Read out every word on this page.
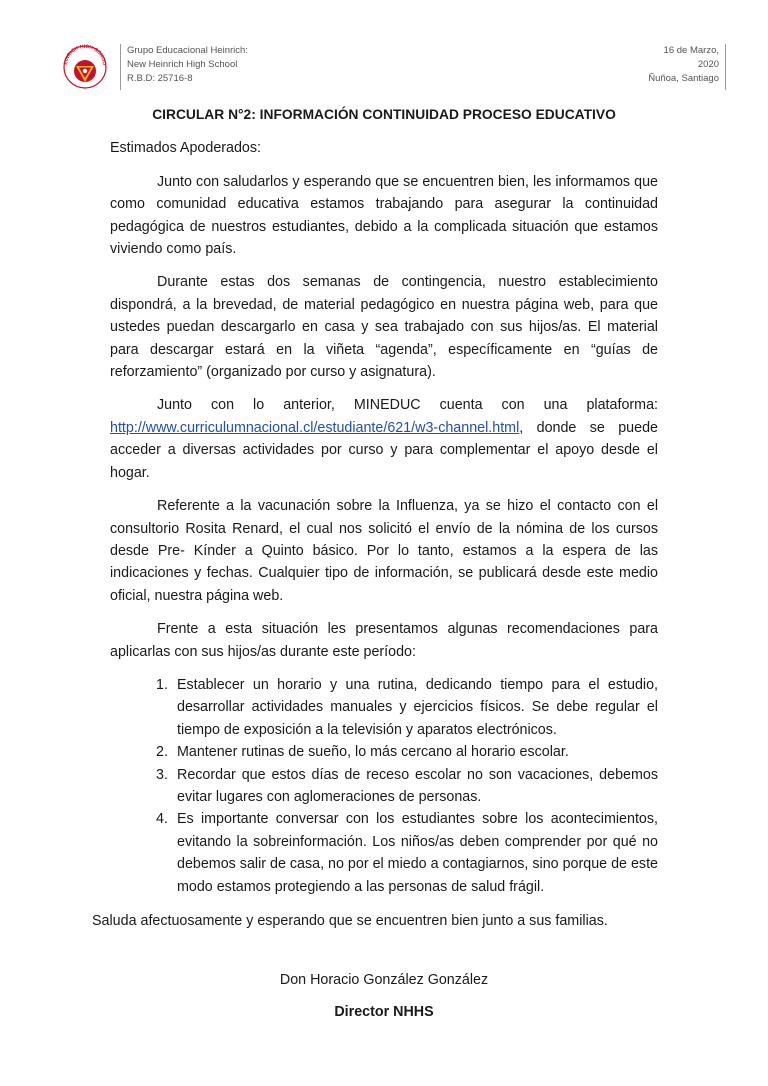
EINRICH HIGH SCHOO
Grupo Educacional Heinrich:
New Heinrich High School
R.B.D: 25716-8
16 de Marzo,
2020
Ñuñoa, Santiago
CIRCULAR N°2: INFORMACIÓN CONTINUIDAD PROCESO EDUCATIVO
Estimados Apoderados:

Junto con saludarlos y esperando que se encuentren bien, les informamos que como comunidad educativa estamos trabajando para asegurar la continuidad pedagógica de nuestros estudiantes, debido a la complicada situación que estamos viviendo como país.

Durante estas dos semanas de contingencia, nuestro establecimiento dispondrá, a la brevedad, de material pedagógico en nuestra página web, para que ustedes puedan descargarlo en casa y sea trabajado con sus hijos/as. El material para descargar estará en la viñeta “agenda”, específicamente en “guías de reforzamiento” (organizado por curso y asignatura).

Junto con lo anterior, MINEDUC cuenta con una plataforma: http://www.curriculumnacional.cl/estudiante/621/w3-channel.html, donde se puede acceder a diversas actividades por curso y para complementar el apoyo desde el hogar.

Referente a la vacunación sobre la Influenza, ya se hizo el contacto con el consultorio Rosita Renard, el cual nos solicitó el envío de la nómina de los cursos desde Pre- Kínder a Quinto básico. Por lo tanto, estamos a la espera de las indicaciones y fechas. Cualquier tipo de información, se publicará desde este medio oficial, nuestra página web.

Frente a esta situación les presentamos algunas recomendaciones para aplicarlas con sus hijos/as durante este período:

1. Establecer un horario y una rutina, dedicando tiempo para el estudio, desarrollar actividades manuales y ejercicios físicos. Se debe regular el tiempo de exposición a la televisión y aparatos electrónicos.
2. Mantener rutinas de sueño, lo más cercano al horario escolar.
3. Recordar que estos días de receso escolar no son vacaciones, debemos evitar lugares con aglomeraciones de personas.
4. Es importante conversar con los estudiantes sobre los acontecimientos, evitando la sobreinformación. Los niños/as deben comprender por qué no debemos salir de casa, no por el miedo a contagiarnos, sino porque de este modo estamos protegiendo a las personas de salud frágil.
Saluda afectuosamente y esperando que se encuentren bien junto a sus familias.
Don Horacio González González
Director NHHS
